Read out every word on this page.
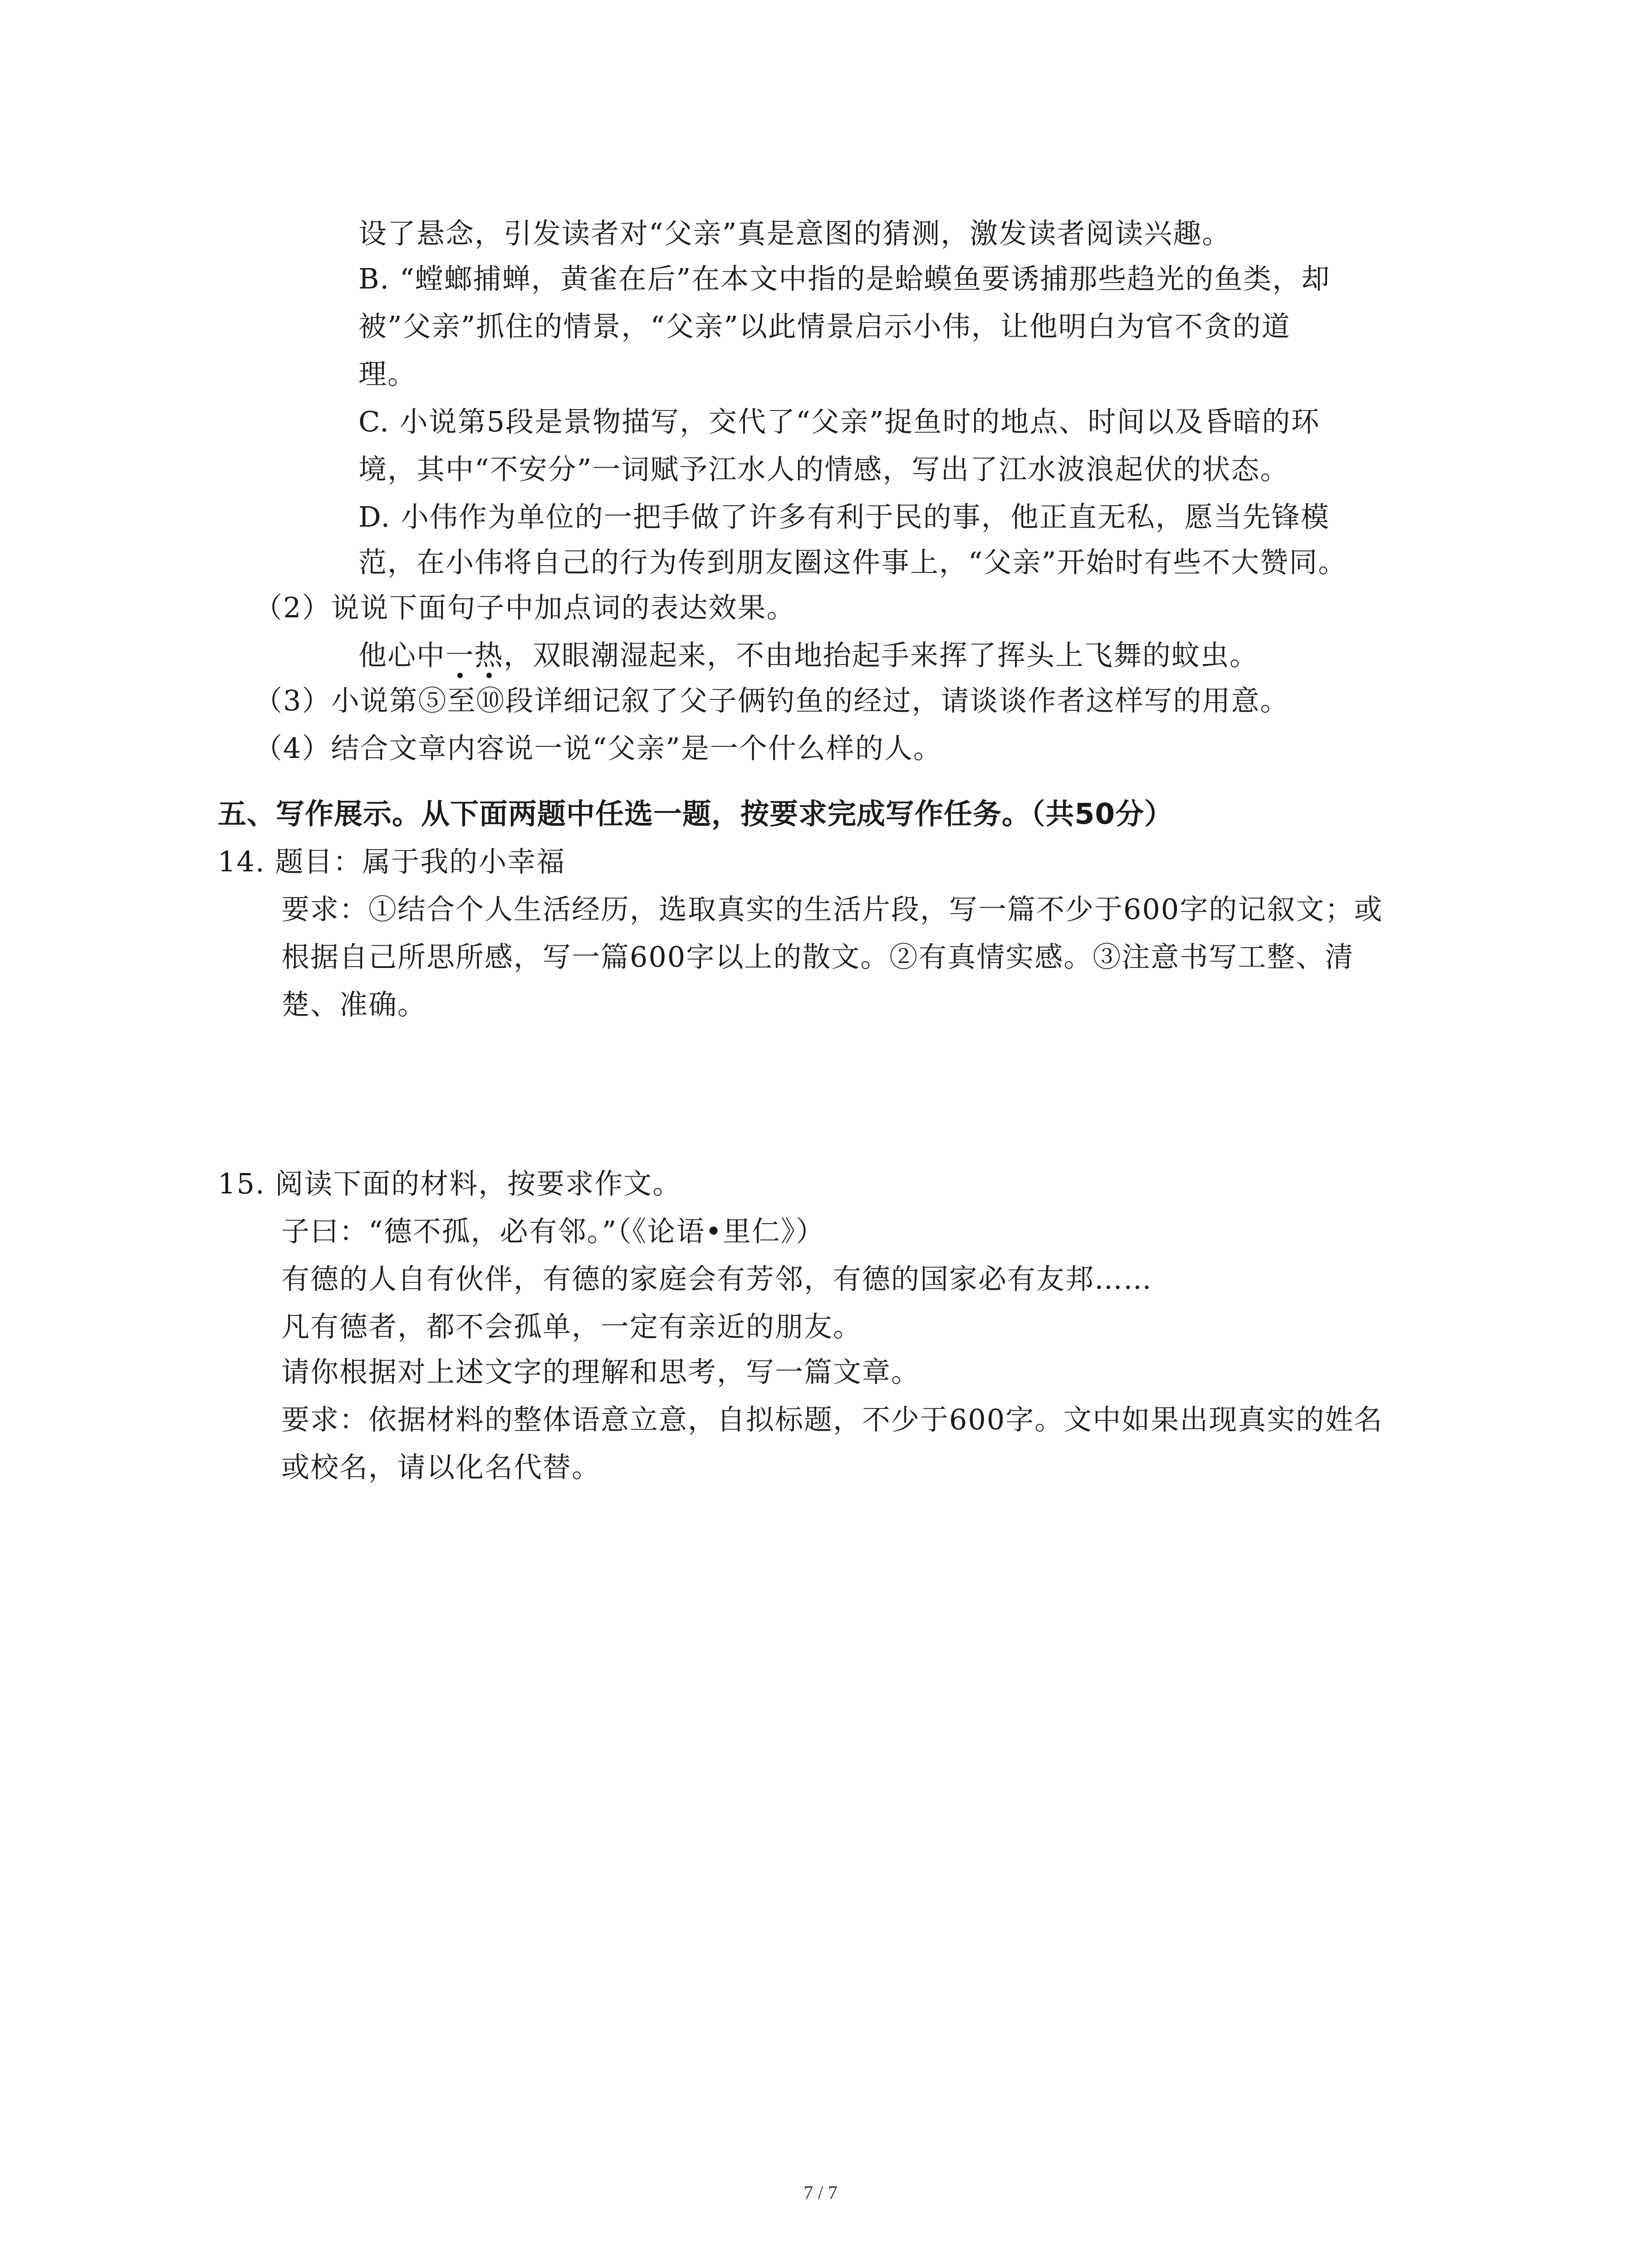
设了悬念，引发读者对“父亲”真是意图的猜测，激发读者阅读兴趣。
B. “螳螂捕蝉，黄雀在后”在本文中指的是蛤蟆鱼要诱捕那些趋光的鱼类，却
被”父亲”抓住的情景，“父亲”以此情景启示小伟，让他明白为官不贪的道
理。
C. 小说第5段是景物描写，交代了“父亲”捉鱼时的地点、时间以及昏暗的环
境，其中“不安分”一词赋予江水人的情感，写出了江水波浪起伏的状态。
D. 小伟作为单位的一把手做了许多有利于民的事，他正直无私，愿当先锋模
范，在小伟将自己的行为传到朋友圈这件事上，“父亲”开始时有些不大赞同。
（2）说说下面句子中加点词的表达效果。
他心中一热，双眼潮湿起来，不由地抬起手来挥了挥头上飞舞的蚊虫。
（3）小说第⑤至⑩段详细记叙了父子俩钓鱼的经过，请谈谈作者这样写的用意。
（4）结合文章内容说一说“父亲”是一个什么样的人。
五、写作展示。从下面两题中任选一题，按要求完成写作任务。（共50分）
14. 题目：属于我的小幸福
要求：①结合个人生活经历，选取真实的生活片段，写一篇不少于600字的记叙文；或
根据自己所思所感，写一篇600字以上的散文。②有真情实感。③注意书写工整、清
楚、准确。
15. 阅读下面的材料，按要求作文。
子曰：“德不孤，必有邻。”（《论语•里仁》）
有德的人自有伙伴，有德的家庭会有芳邻，有德的国家必有友邦……
凡有德者，都不会孤单，一定有亲近的朋友。
请你根据对上述文字的理解和思考，写一篇文章。
要求：依据材料的整体语意立意，自拟标题，不少于600字。文中如果出现真实的姓名
或校名，请以化名代替。
7 / 7
